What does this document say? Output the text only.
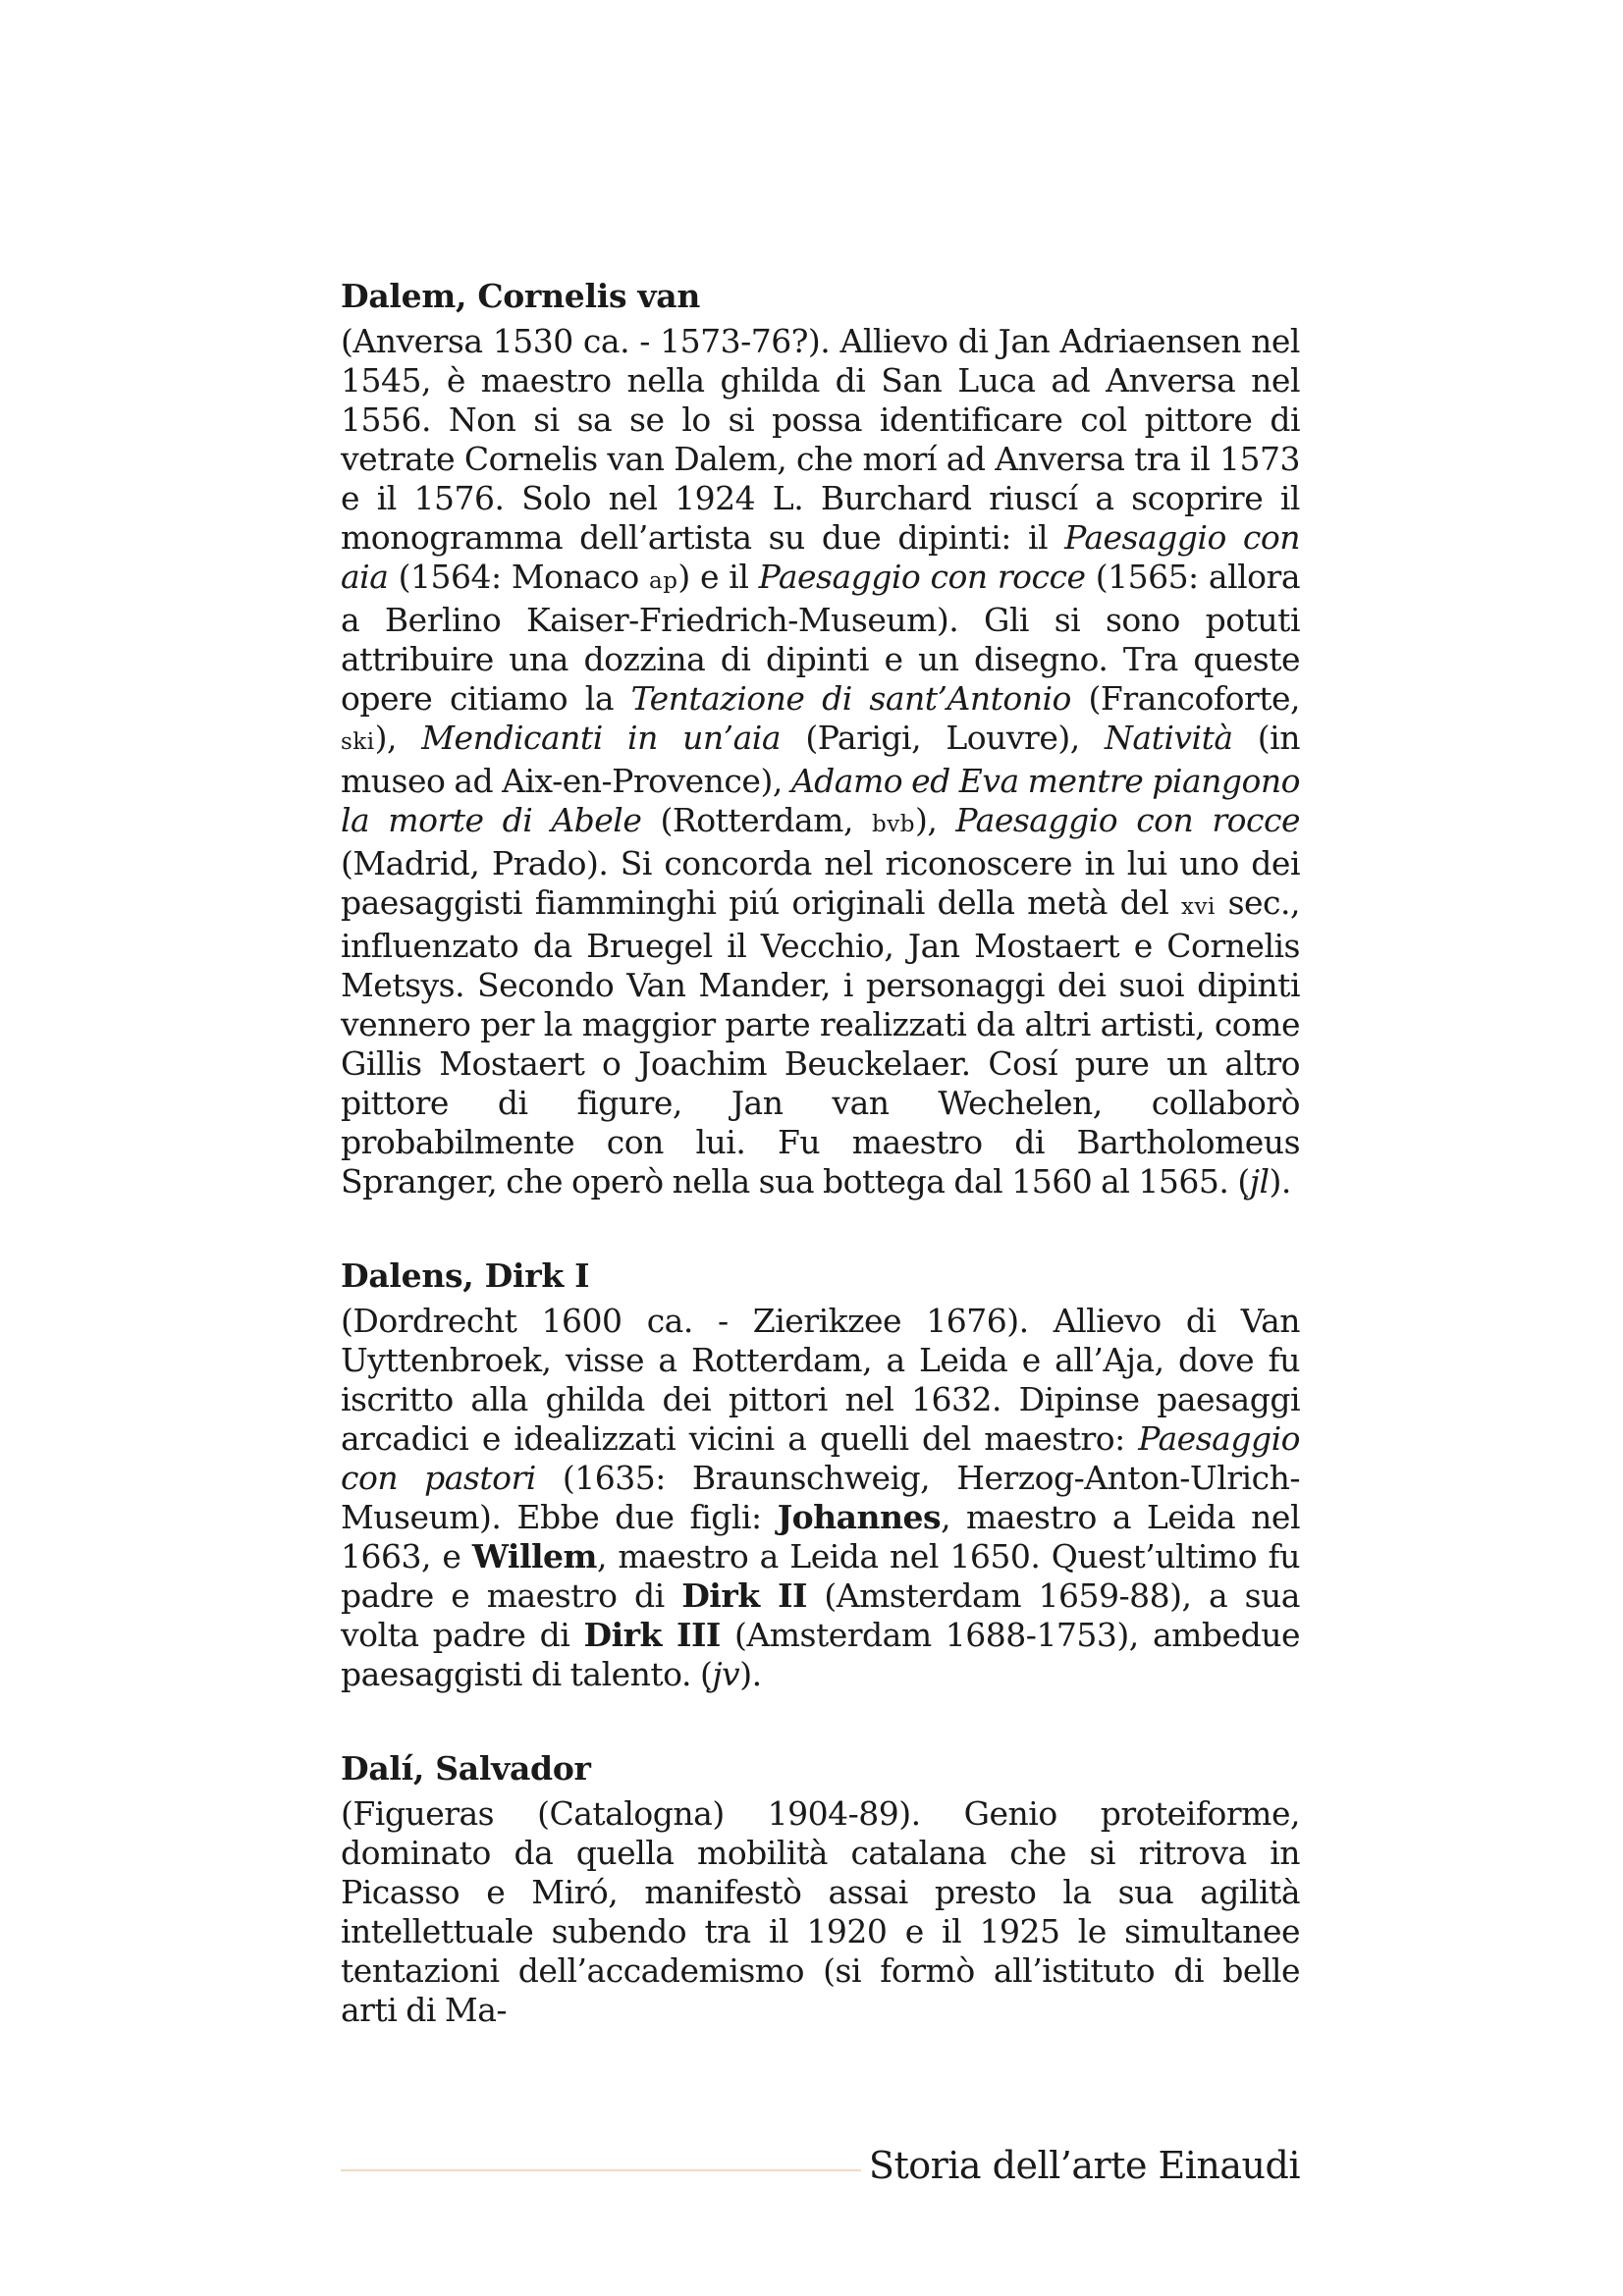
Dalem, Cornelis van

(Anversa 1530 ca. - 1573-76?). Allievo di Jan Adriaensen nel 1545, è maestro nella ghilda di San Luca ad Anversa nel 1556. Non si sa se lo si possa identificare col pittore di vetrate Cornelis van Dalem, che morí ad Anversa tra il 1573 e il 1576. Solo nel 1924 L. Burchard riuscí a scoprire il monogramma dell’artista su due dipinti: il Paesaggio con aia (1564: Monaco ap) e il Paesaggio con rocce (1565: allora a Berlino Kaiser-Friedrich-Museum). Gli si sono potuti attribuire una dozzina di dipinti e un disegno. Tra queste opere citiamo la Tentazione di sant’Antonio (Francoforte, ski), Mendicanti in un’aia (Parigi, Louvre), Natività (in museo ad Aix-en-Provence), Adamo ed Eva mentre piangono la morte di Abele (Rotterdam, bvb), Paesaggio con rocce (Madrid, Prado). Si concorda nel riconoscere in lui uno dei paesaggisti fiamminghi piú originali della metà del xvi sec., influenzato da Bruegel il Vecchio, Jan Mostaert e Cornelis Metsys. Secondo Van Mander, i personaggi dei suoi dipinti vennero per la maggior parte realizzati da altri artisti, come Gillis Mostaert o Joachim Beuckelaer. Cosí pure un altro pittore di figure, Jan van Wechelen, collaborò probabilmente con lui. Fu maestro di Bartholomeus Spranger, che operò nella sua bottega dal 1560 al 1565. (jl).

Dalens, Dirk I

(Dordrecht 1600 ca. - Zierikzee 1676). Allievo di Van Uyttenbroek, visse a Rotterdam, a Leida e all’Aja, dove fu iscritto alla ghilda dei pittori nel 1632. Dipinse paesaggi arcadici e idealizzati vicini a quelli del maestro: Paesaggio con pastori (1635: Braunschweig, Herzog-Anton-Ulrich-Museum). Ebbe due figli: Johannes, maestro a Leida nel 1663, e Willem, maestro a Leida nel 1650. Quest’ultimo fu padre e maestro di Dirk II (Amsterdam 1659-88), a sua volta padre di Dirk III (Amsterdam 1688-1753), ambedue paesaggisti di talento. (jv).

Dalí, Salvador

(Figueras (Catalogna) 1904-89). Genio proteiforme, dominato da quella mobilità catalana che si ritrova in Picasso e Miró, manifestò assai presto la sua agilità intellettuale subendo tra il 1920 e il 1925 le simultanee tentazioni dell’accademismo (si formò all’istituto di belle arti di Ma-

Storia dell’arte Einaudi
